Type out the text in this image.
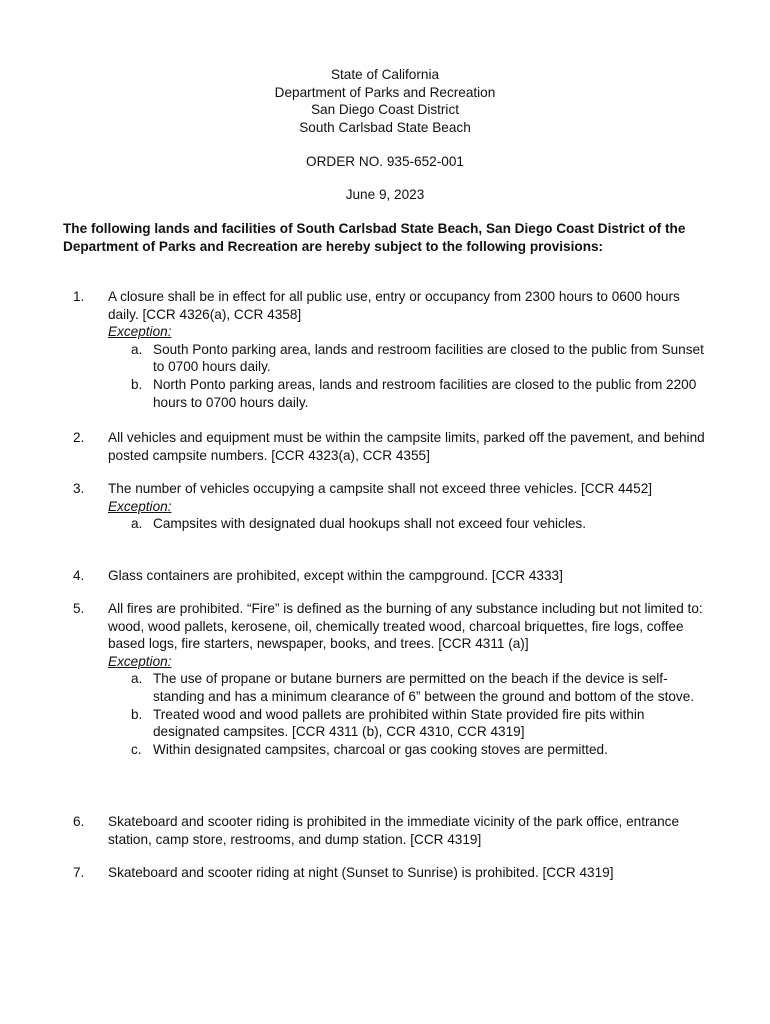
State of California
Department of Parks and Recreation
San Diego Coast District
South Carlsbad State Beach
ORDER NO. 935-652-001
June 9, 2023
The following lands and facilities of South Carlsbad State Beach, San Diego Coast District of the Department of Parks and Recreation are hereby subject to the following provisions:
1. A closure shall be in effect for all public use, entry or occupancy from 2300 hours to 0600 hours daily. [CCR 4326(a), CCR 4358]
Exception:
a. South Ponto parking area, lands and restroom facilities are closed to the public from Sunset to 0700 hours daily.
b. North Ponto parking areas, lands and restroom facilities are closed to the public from 2200 hours to 0700 hours daily.
2. All vehicles and equipment must be within the campsite limits, parked off the pavement, and behind posted campsite numbers. [CCR 4323(a), CCR 4355]
3. The number of vehicles occupying a campsite shall not exceed three vehicles. [CCR 4452]
Exception:
a. Campsites with designated dual hookups shall not exceed four vehicles.
4. Glass containers are prohibited, except within the campground. [CCR 4333]
5. All fires are prohibited. “Fire” is defined as the burning of any substance including but not limited to: wood, wood pallets, kerosene, oil, chemically treated wood, charcoal briquettes, fire logs, coffee based logs, fire starters, newspaper, books, and trees. [CCR 4311 (a)]
Exception:
a. The use of propane or butane burners are permitted on the beach if the device is self-standing and has a minimum clearance of 6” between the ground and bottom of the stove.
b. Treated wood and wood pallets are prohibited within State provided fire pits within designated campsites. [CCR 4311 (b), CCR 4310, CCR 4319]
c. Within designated campsites, charcoal or gas cooking stoves are permitted.
6. Skateboard and scooter riding is prohibited in the immediate vicinity of the park office, entrance station, camp store, restrooms, and dump station. [CCR 4319]
7. Skateboard and scooter riding at night (Sunset to Sunrise) is prohibited. [CCR 4319]
